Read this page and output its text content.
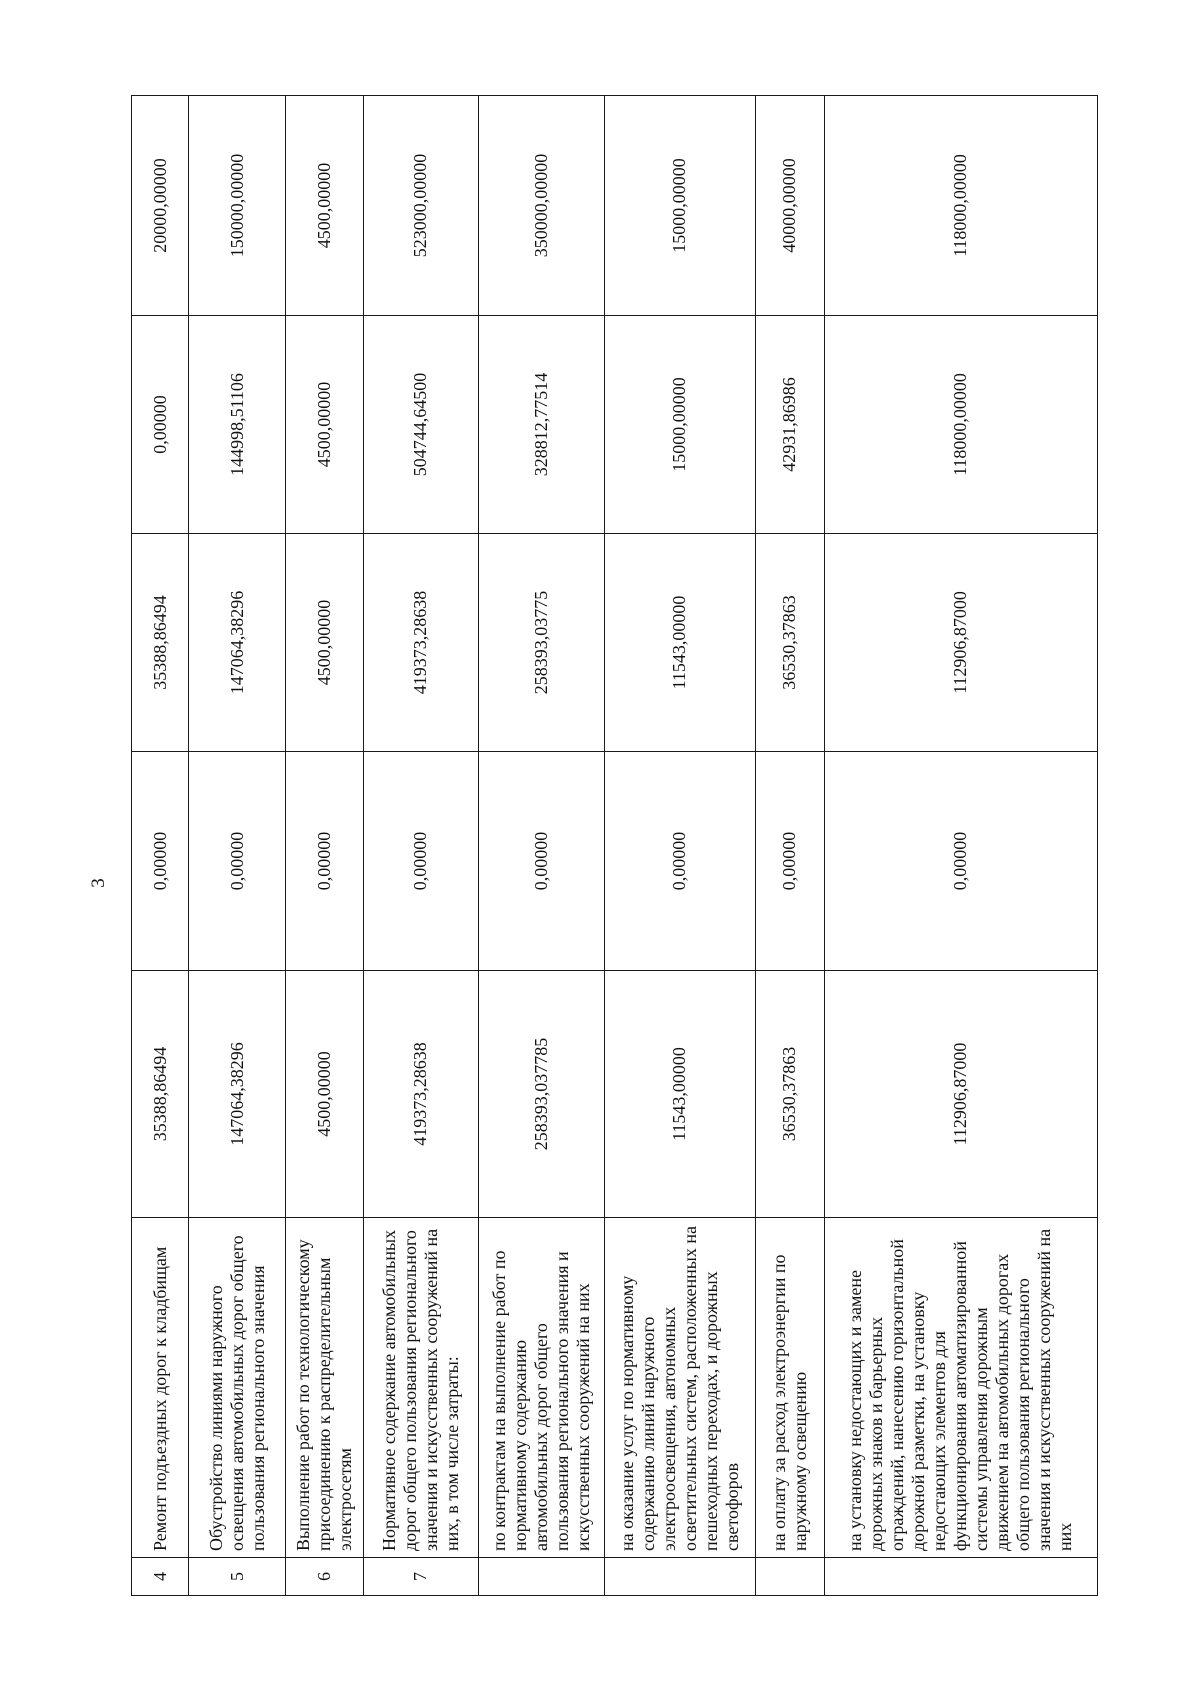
3
4	Ремонт подъездных дорог к кладбищам	35388,86494	0,00000	35388,86494	0,00000	20000,00000
5	Обустройство линиями наружного освещения автомобильных дорог общего пользования регионального значения	147064,38296	0,00000	147064,38296	144998,51106	150000,00000
6	Выполнение работ по технологическому присоединению к распределительным электросетям	4500,00000	0,00000	4500,00000	4500,00000	4500,00000
7	Нормативное содержание автомобильных дорог общего пользования регионального значения и искусственных сооружений на них, в том числе затраты:	419373,28638	0,00000	419373,28638	504744,64500	523000,00000
	по контрактам на выполнение работ по нормативному содержанию автомобильных дорог общего пользования регионального значения и искусственных сооружений на них	258393,037785	0,00000	258393,03775	328812,77514	350000,00000
	на оказание услуг по нормативному содержанию линий наружного электроосвещения, автономных осветительных систем, расположенных на пешеходных переходах, и дорожных светофоров	11543,00000	0,00000	11543,00000	15000,00000	15000,00000
	на оплату за расход электроэнергии по наружному освещению	36530,37863	0,00000	36530,37863	42931,86986	40000,00000
	на установку недостающих и замене дорожных знаков и барьерных ограждений, нанесению горизонтальной дорожной разметки, на установку недостающих элементов для функционирования автоматизированной системы управления дорожным движением на автомобильных дорогах общего пользования регионального значения и искусственных сооружений на них	112906,87000	0,00000	112906,87000	118000,00000	118000,00000
